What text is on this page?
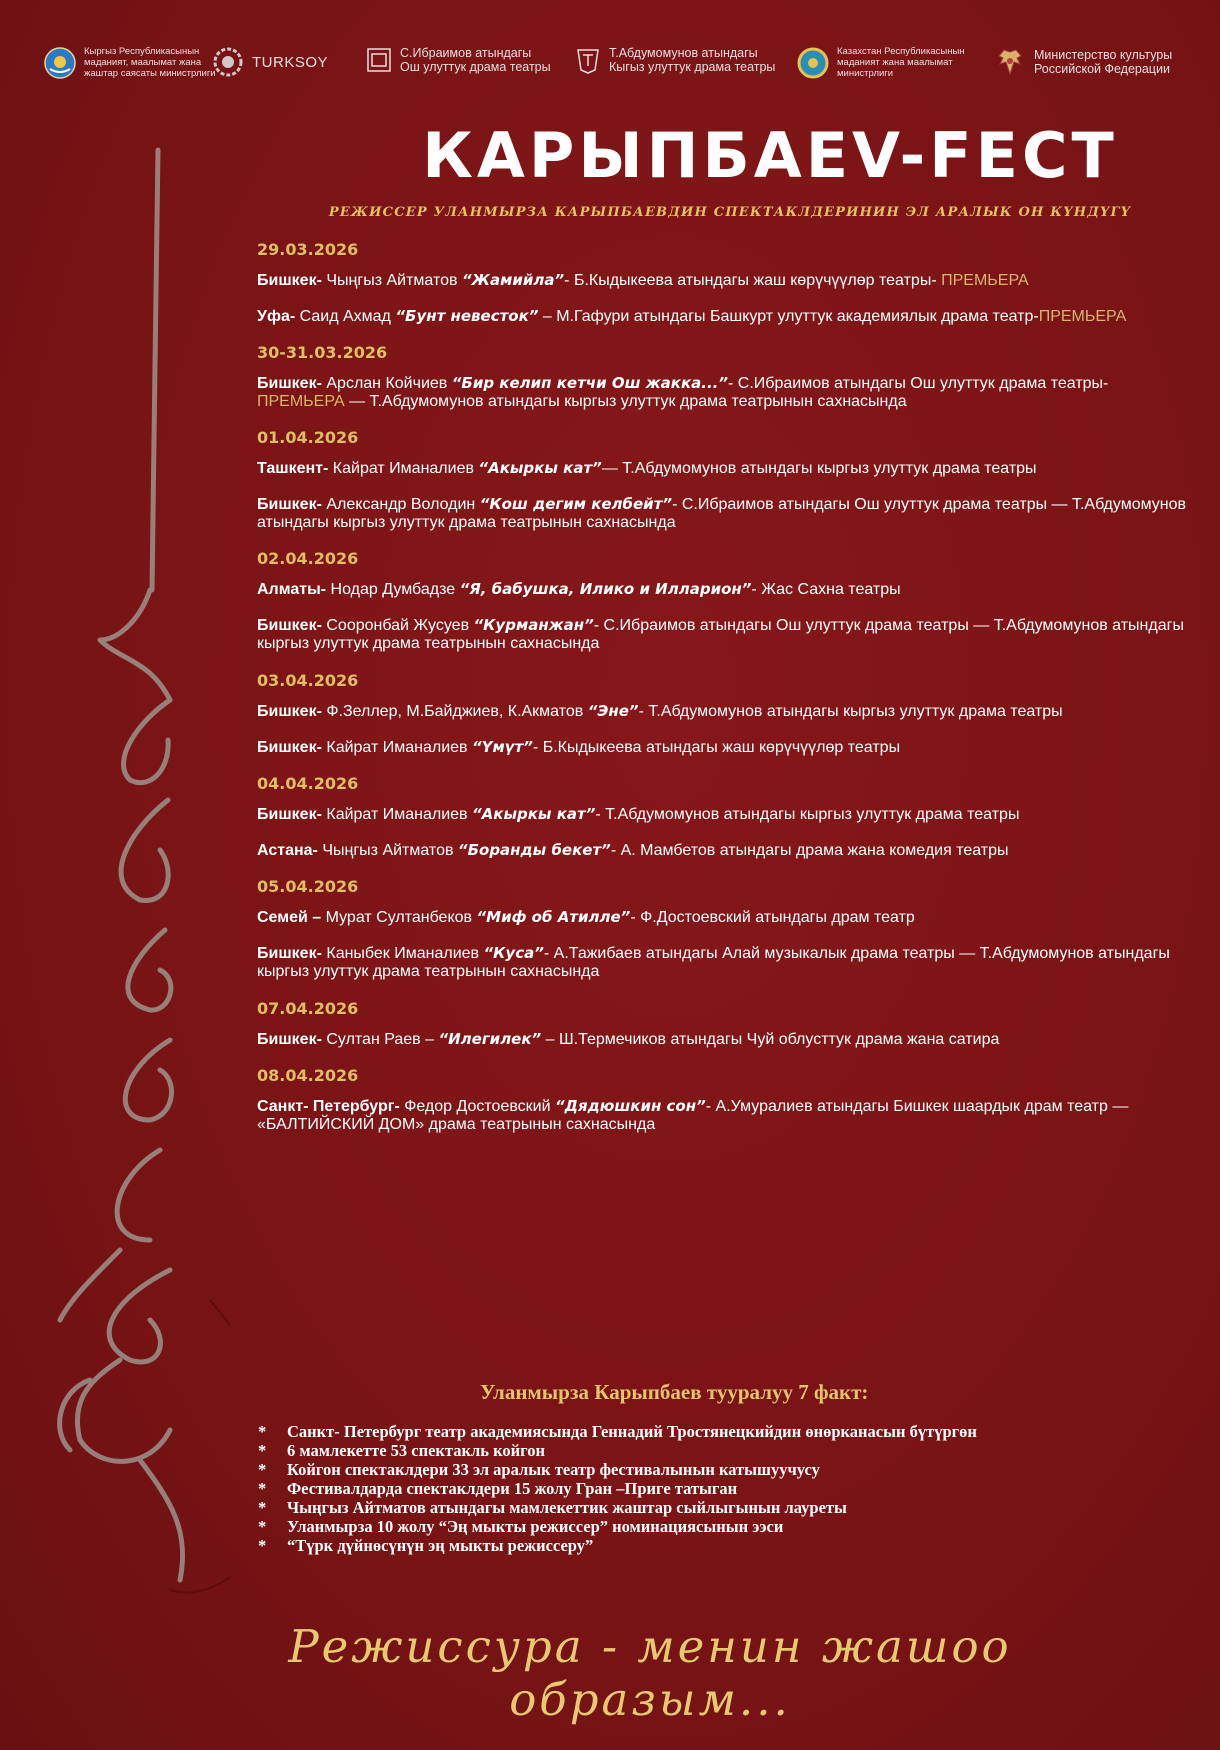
Кыргыз Республикасынын
маданият, маалымат жана
жаштар саясаты министрлиги
TURKSOY
С.Ибраимов атындагы
Ош улуттук драма театры
Т.Абдумомунов атындагы
Кыгыз улуттук драма театры
Казахстан Республикасынын
маданият жана маалымат
министрлиги
Министерство культуры
Российской Федерации
КАРЫПБАЕV-FECT

РЕЖИССЕР УЛАНМЫРЗА КАРЫПБАЕВДИН СПЕКТАКЛДЕРИНИН ЭЛ АРАЛЫК ОН КҮНДҮГҮ

29.03.2026

Бишкек- Чыңгыз Айтматов “Жамийла”- Б.Кыдыкеева атындагы жаш көрүчүүлөр театры- ПРЕМЬЕРА

Уфа- Саид Ахмад “Бунт невесток” – М.Гафури атындагы Башкурт улуттук академиялык драма театр-ПРЕМЬЕРА

30-31.03.2026

Бишкек- Арслан Койчиев “Бир келип кетчи Ош жакка...”- С.Ибраимов атындагы Ош улуттук драма театры- ПРЕМЬЕРА — Т.Абдумомунов атындагы кыргыз улуттук драма театрынын сахнасында

01.04.2026

Ташкент- Кайрат Иманалиев “Акыркы кат”— Т.Абдумомунов атындагы кыргыз улуттук драма театры

Бишкек- Александр Володин “Кош дегим келбейт”- С.Ибраимов атындагы Ош улуттук драма театры — Т.Абдумомунов атындагы кыргыз улуттук драма театрынын сахнасында

02.04.2026

Алматы- Нодар Думбадзе “Я, бабушка, Илико и Илларион”- Жас Сахна театры

Бишкек- Сооронбай Жусуев “Курманжан”- С.Ибраимов атындагы Ош улуттук драма театры — Т.Абдумомунов атындагы кыргыз улуттук драма театрынын сахнасында

03.04.2026

Бишкек- Ф.Зеллер, М.Байджиев, К.Акматов “Эне”- Т.Абдумомунов атындагы кыргыз улуттук драма театры

Бишкек- Кайрат Иманалиев “Үмүт”- Б.Кыдыкеева атындагы жаш көрүчүүлөр театры

04.04.2026

Бишкек- Кайрат Иманалиев “Акыркы кат”- Т.Абдумомунов атындагы кыргыз улуттук драма театры

Астана- Чыңгыз Айтматов “Боранды бекет”- А. Мамбетов атындагы драма жана комедия театры

05.04.2026

Семей – Мурат Султанбеков “Миф об Атилле”- Ф.Достоевский атындагы драм театр

Бишкек- Каныбек Иманалиев “Куса”- А.Тажибаев атындагы Алай музыкалык драма театры — Т.Абдумомунов атындагы кыргыз улуттук драма театрынын сахнасында

07.04.2026

Бишкек- Султан Раев – “Илегилек” – Ш.Термечиков атындагы Чуй облусттук драма жана сатира

08.04.2026

Санкт- Петербург- Федор Достоевский “Дядюшкин сон”- А.Умуралиев атындагы Бишкек шаардык драм театр — «БАЛТИЙСКИЙ ДОМ» драма театрынын сахнасында

Уланмырза Карыпбаев тууралуу 7 факт:

* Санкт- Петербург театр академиясында Геннадий Тростянецкийдин өнөрканасын бүтүргөн
* 6 мамлекетте 53 спектакль койгон
* Койгон спектаклдери 33 эл аралык театр фестивалынын катышуучусу
* Фестивалдарда спектаклдери 15 жолу Гран –Приге татыган
* Чыңгыз Айтматов атындагы мамлекеттик жаштар сыйлыгынын лауреты
* Уланмырза 10 жолу “Эң мыкты режиссер” номинациясынын ээси
* “Түрк дүйнөсүнүн эң мыкты режиссеру”

Режиссура - менин жашоо образым...
